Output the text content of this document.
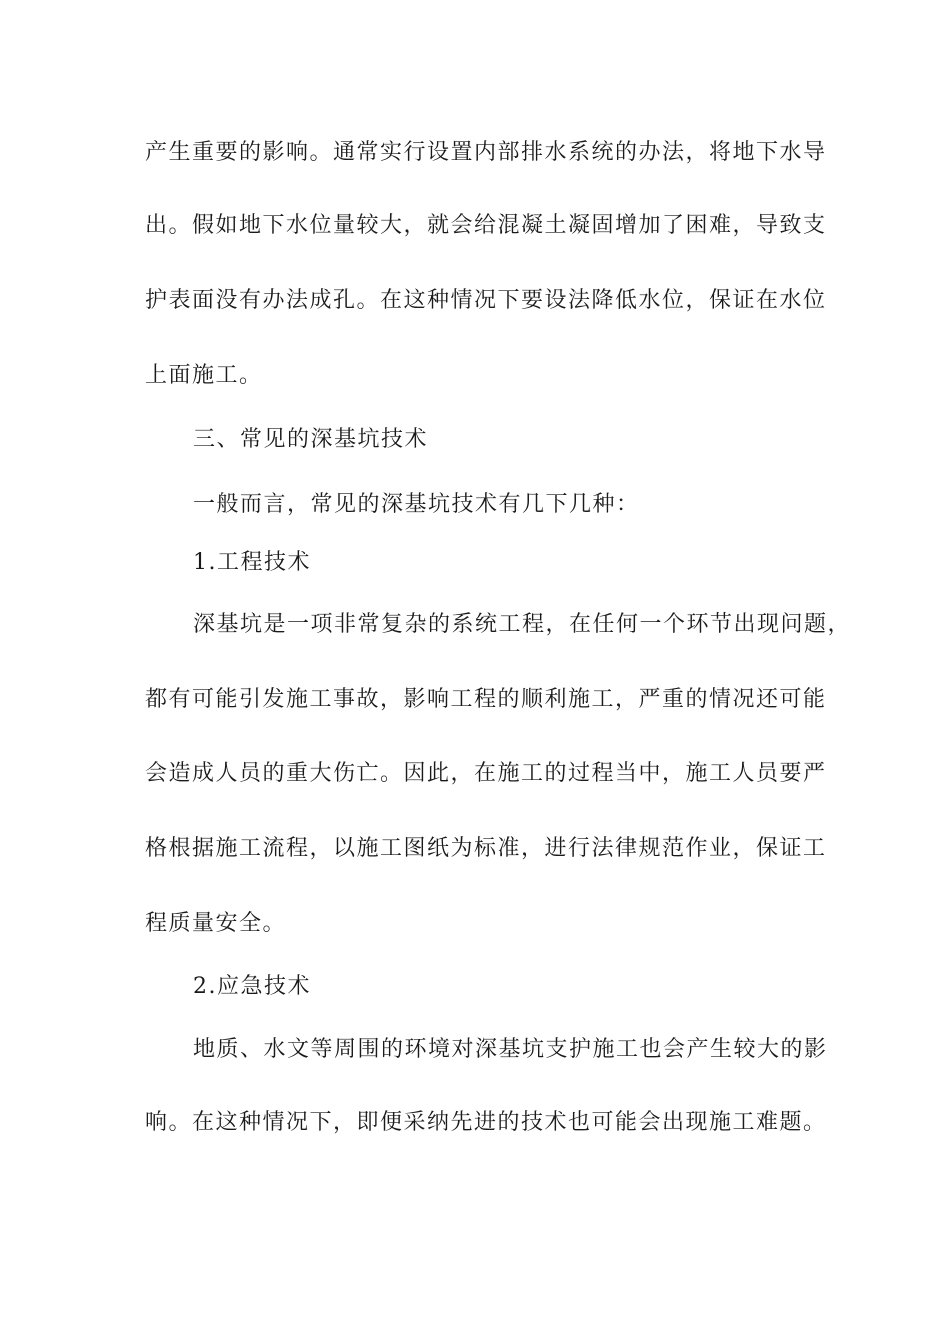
产生重要的影响。通常实行设置内部排水系统的办法，将地下水导
出。假如地下水位量较大，就会给混凝土凝固增加了困难，导致支
护表面没有办法成孔。在这种情况下要设法降低水位，保证在水位
上面施工。
三、常见的深基坑技术
一般而言，常见的深基坑技术有几下几种：
1.工程技术
深基坑是一项非常复杂的系统工程，在任何一个环节出现问题，
都有可能引发施工事故，影响工程的顺利施工，严重的情况还可能
会造成人员的重大伤亡。因此，在施工的过程当中，施工人员要严
格根据施工流程，以施工图纸为标准，进行法律规范作业，保证工
程质量安全。
2.应急技术
地质、水文等周围的环境对深基坑支护施工也会产生较大的影
响。在这种情况下，即便采纳先进的技术也可能会出现施工难题。
